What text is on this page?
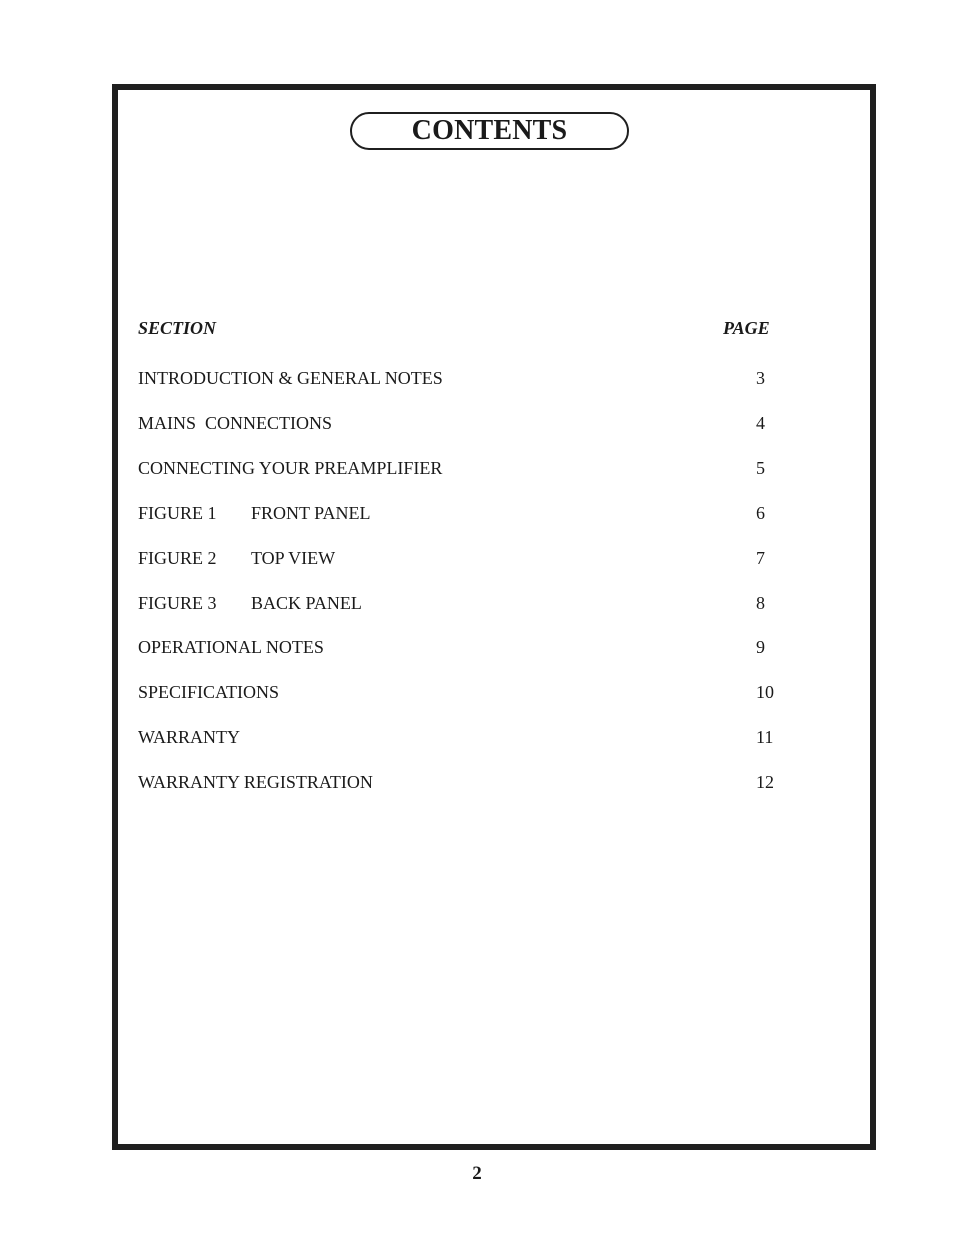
CONTENTS
SECTION	PAGE
INTRODUCTION & GENERAL NOTES	3
MAINS  CONNECTIONS	4
CONNECTING YOUR PREAMPLIFIER	5
FIGURE 1 FRONT PANEL	6
FIGURE 2 TOP VIEW	7
FIGURE 3 BACK PANEL	8
OPERATIONAL NOTES	9
SPECIFICATIONS	10
WARRANTY	11
WARRANTY REGISTRATION	12
2
